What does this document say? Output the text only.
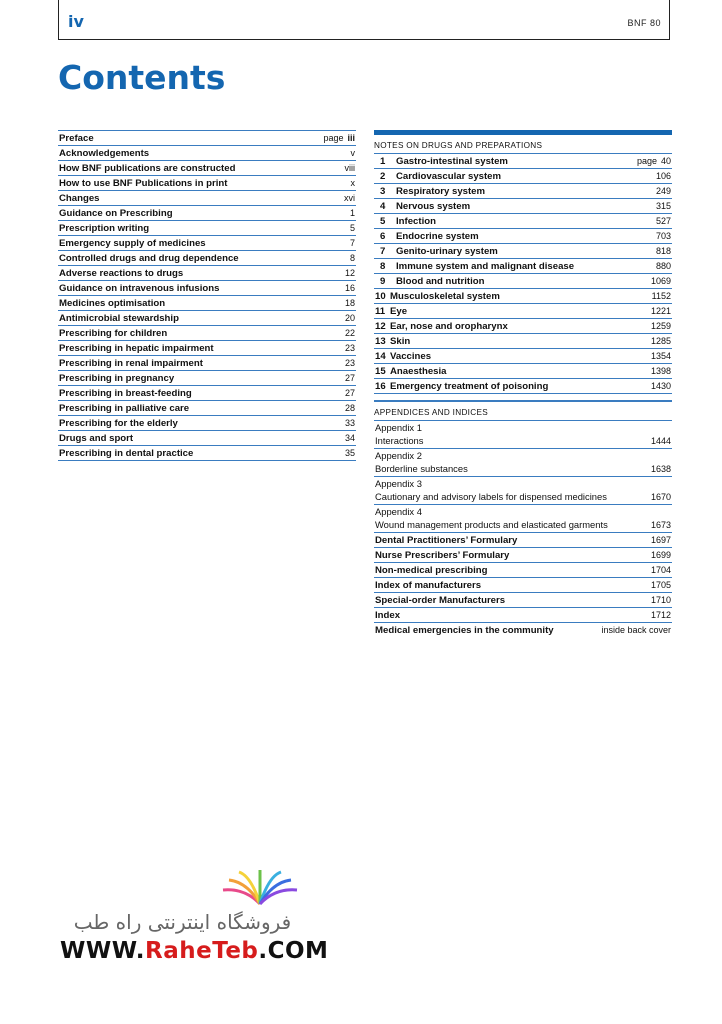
iv	BNF 80
Contents
Preface	page iii
Acknowledgements	v
How BNF publications are constructed	viii
How to use BNF Publications in print	x
Changes	xvi
Guidance on Prescribing	1
Prescription writing	5
Emergency supply of medicines	7
Controlled drugs and drug dependence	8
Adverse reactions to drugs	12
Guidance on intravenous infusions	16
Medicines optimisation	18
Antimicrobial stewardship	20
Prescribing for children	22
Prescribing in hepatic impairment	23
Prescribing in renal impairment	23
Prescribing in pregnancy	27
Prescribing in breast-feeding	27
Prescribing in palliative care	28
Prescribing for the elderly	33
Drugs and sport	34
Prescribing in dental practice	35
NOTES ON DRUGS AND PREPARATIONS
1 Gastro-intestinal system	page 40
2 Cardiovascular system	106
3 Respiratory system	249
4 Nervous system	315
5 Infection	527
6 Endocrine system	703
7 Genito-urinary system	818
8 Immune system and malignant disease	880
9 Blood and nutrition	1069
10 Musculoskeletal system	1152
11 Eye	1221
12 Ear, nose and oropharynx	1259
13 Skin	1285
14 Vaccines	1354
15 Anaesthesia	1398
16 Emergency treatment of poisoning	1430
APPENDICES AND INDICES
Appendix 1
Interactions	1444
Appendix 2
Borderline substances	1638
Appendix 3
Cautionary and advisory labels for dispensed medicines	1670
Appendix 4
Wound management products and elasticated garments	1673
Dental Practitioners’ Formulary	1697
Nurse Prescribers’ Formulary	1699
Non-medical prescribing	1704
Index of manufacturers	1705
Special-order Manufacturers	1710
Index	1712
Medical emergencies in the community	inside back cover
فروشگاه اینترنتی راه طب
WWW.RaheTeb.COM
